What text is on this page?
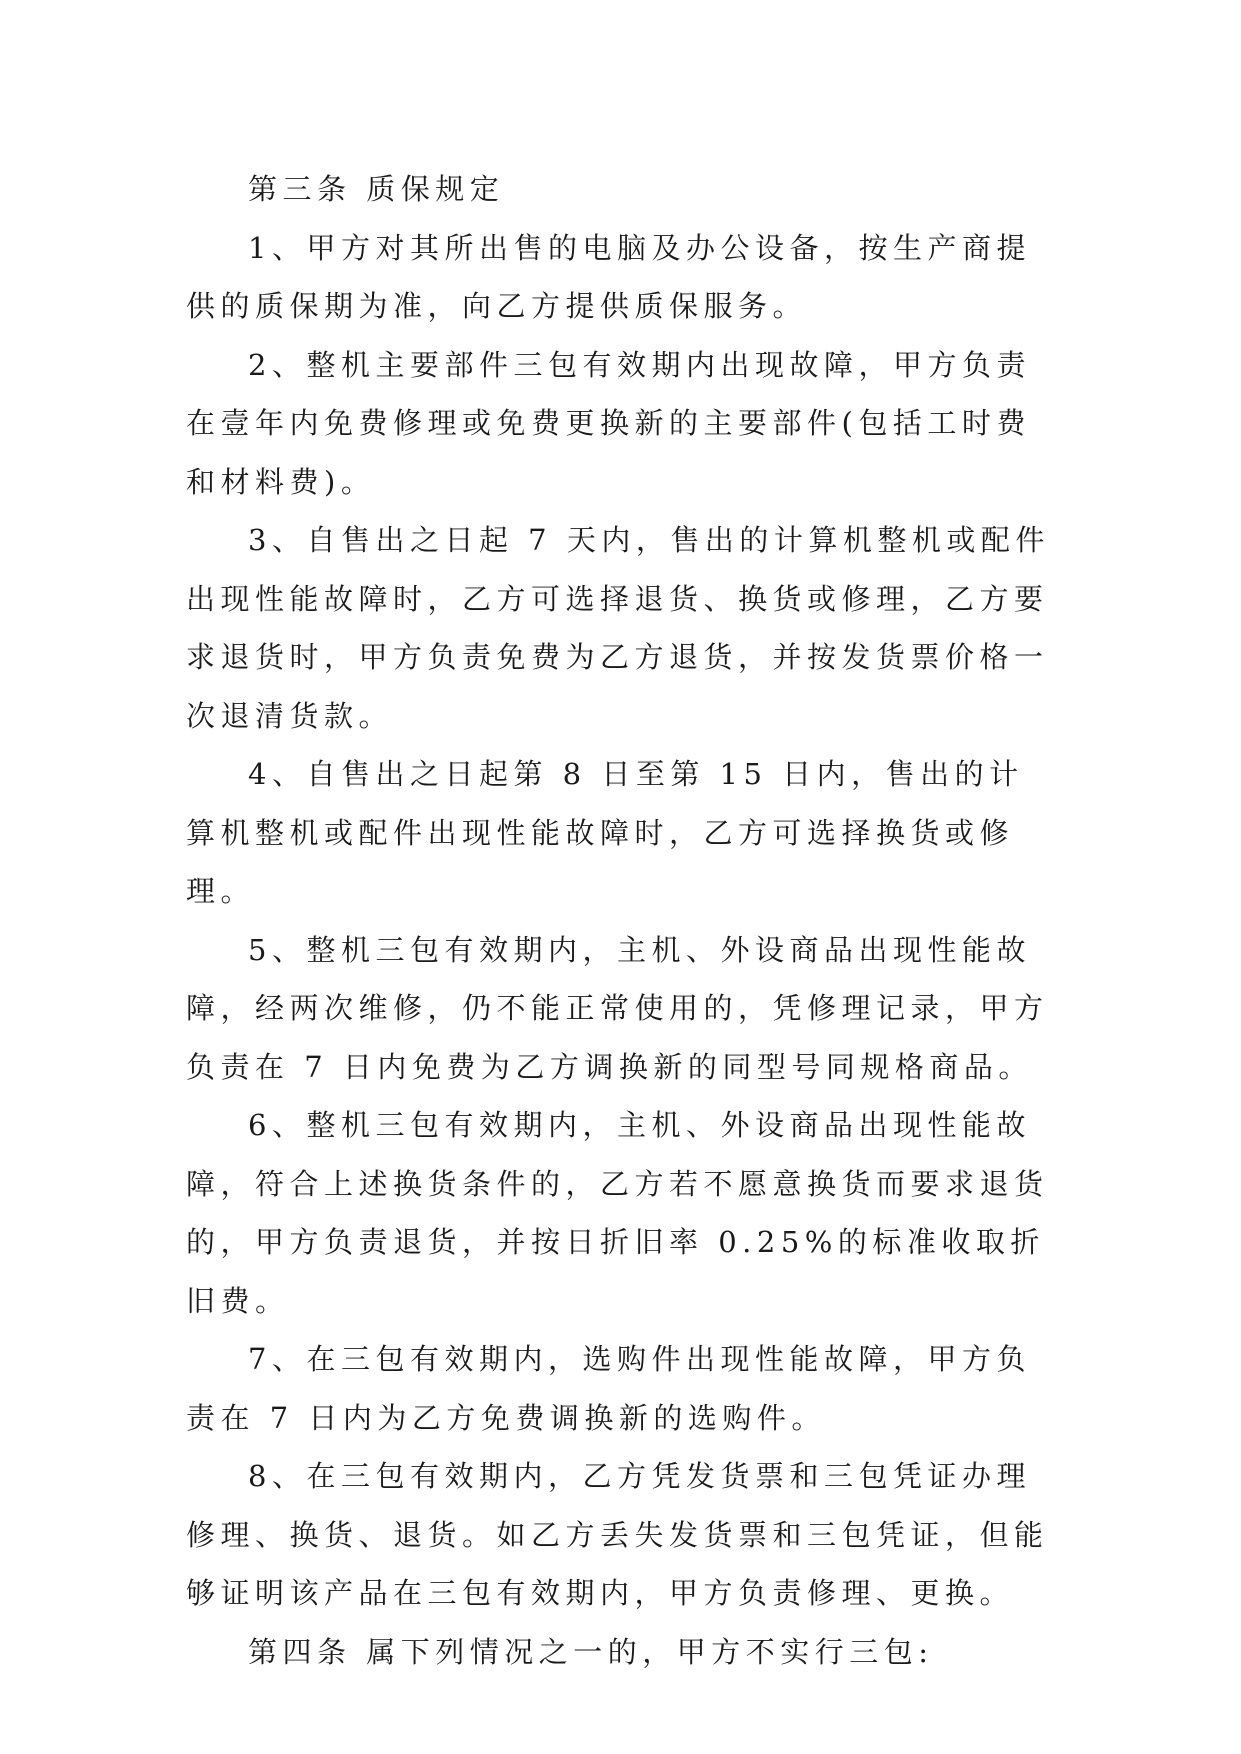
第三条 质保规定

1、甲方对其所出售的电脑及办公设备，按生产商提供的质保期为准，向乙方提供质保服务。

2、整机主要部件三包有效期内出现故障，甲方负责在壹年内免费修理或免费更换新的主要部件(包括工时费和材料费)。

3、自售出之日起 7 天内，售出的计算机整机或配件出现性能故障时，乙方可选择退货、换货或修理，乙方要求退货时，甲方负责免费为乙方退货，并按发货票价格一次退清货款。

4、自售出之日起第 8 日至第 15 日内，售出的计算机整机或配件出现性能故障时，乙方可选择换货或修理。

5、整机三包有效期内，主机、外设商品出现性能故障，经两次维修，仍不能正常使用的，凭修理记录，甲方负责在 7 日内免费为乙方调换新的同型号同规格商品。

6、整机三包有效期内，主机、外设商品出现性能故障，符合上述换货条件的，乙方若不愿意换货而要求退货的，甲方负责退货，并按日折旧率 0.25%的标准收取折旧费。

7、在三包有效期内，选购件出现性能故障，甲方负责在 7 日内为乙方免费调换新的选购件。

8、在三包有效期内，乙方凭发货票和三包凭证办理修理、换货、退货。如乙方丢失发货票和三包凭证，但能够证明该产品在三包有效期内，甲方负责修理、更换。

第四条 属下列情况之一的，甲方不实行三包:
